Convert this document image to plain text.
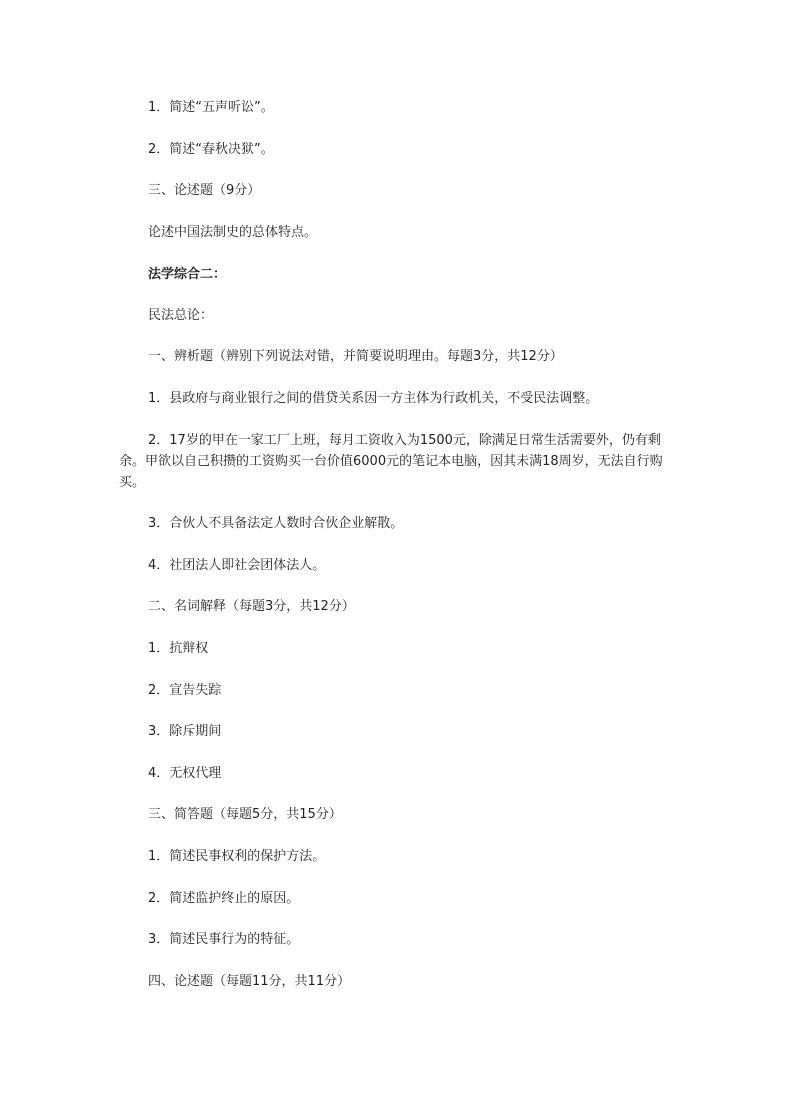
1．简述“五声听讼”。

2．简述“春秋决狱”。

三、论述题（9分）

论述中国法制史的总体特点。

法学综合二：

民法总论：

一、辨析题（辨别下列说法对错，并简要说明理由。每题3分，共12分）

1．县政府与商业银行之间的借贷关系因一方主体为行政机关，不受民法调整。

2．17岁的甲在一家工厂上班，每月工资收入为1500元，除满足日常生活需要外，仍有剩余。甲欲以自己积攒的工资购买一台价值6000元的笔记本电脑，因其未满18周岁，无法自行购买。

3．合伙人不具备法定人数时合伙企业解散。

4．社团法人即社会团体法人。

二、名词解释（每题3分，共12分）

1．抗辩权

2．宣告失踪

3．除斥期间

4．无权代理

三、简答题（每题5分，共15分）

1．简述民事权利的保护方法。

2．简述监护终止的原因。

3．简述民事行为的特征。

四、论述题（每题11分，共11分）
